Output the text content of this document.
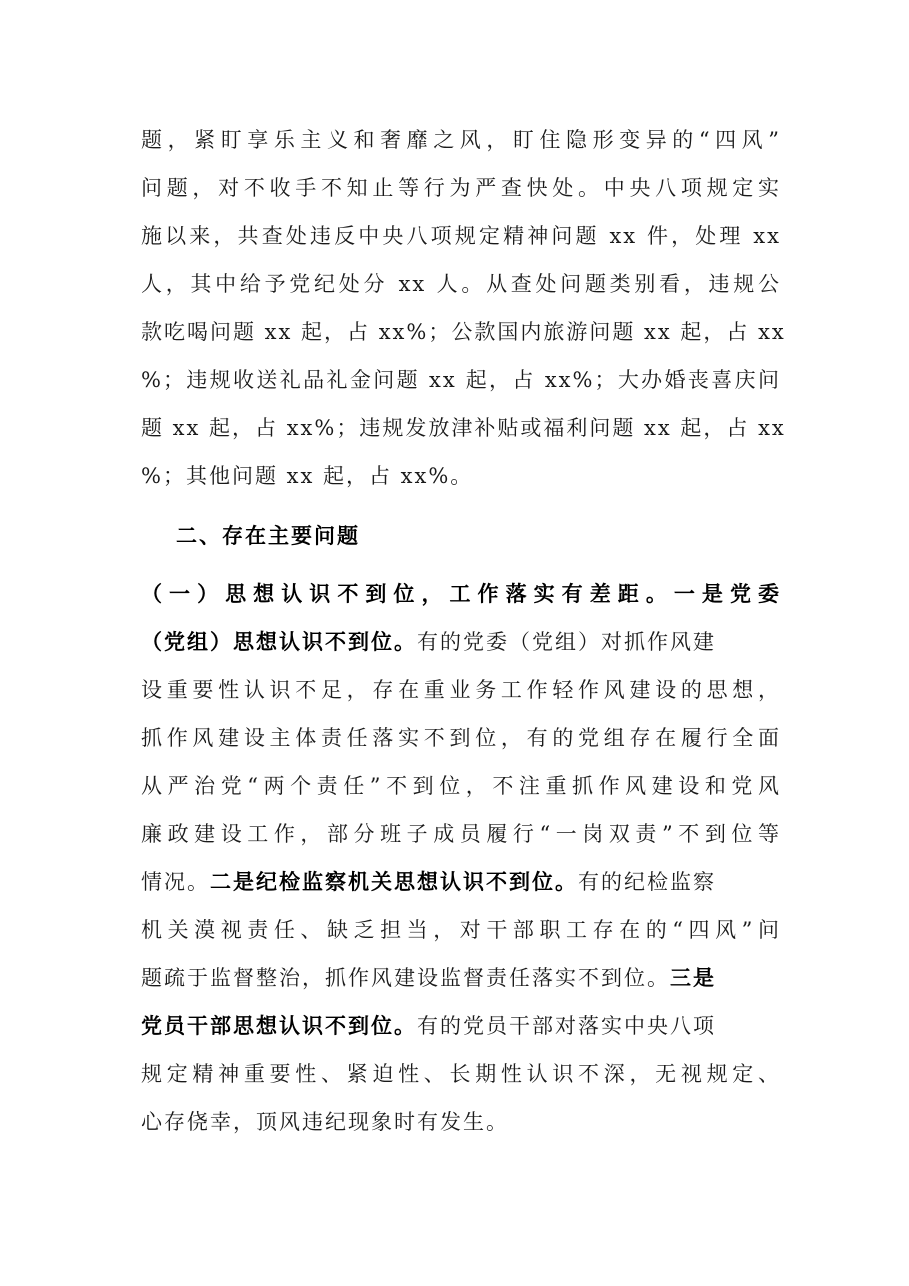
题，紧盯享乐主义和奢靡之风，盯住隐形变异的“四风”
问题，对不收手不知止等行为严查快处。中央八项规定实
施以来，共查处违反中央八项规定精神问题 xx 件，处理 xx
人，其中给予党纪处分 xx 人。从查处问题类别看，违规公
款吃喝问题 xx 起，占 xx%；公款国内旅游问题 xx 起，占 xx
%；违规收送礼品礼金问题 xx 起，占 xx%；大办婚丧喜庆问
题 xx 起，占 xx%；违规发放津补贴或福利问题 xx 起，占 xx
%；其他问题 xx 起，占 xx%。
二、存在主要问题
（一）思想认识不到位，工作落实有差距。一是党委
（党组）思想认识不到位。有的党委（党组）对抓作风建
设重要性认识不足，存在重业务工作轻作风建设的思想，
抓作风建设主体责任落实不到位，有的党组存在履行全面
从严治党“两个责任”不到位，不注重抓作风建设和党风
廉政建设工作，部分班子成员履行“一岗双责”不到位等
情况。二是纪检监察机关思想认识不到位。有的纪检监察
机关漠视责任、缺乏担当，对干部职工存在的“四风”问
题疏于监督整治，抓作风建设监督责任落实不到位。三是
党员干部思想认识不到位。有的党员干部对落实中央八项
规定精神重要性、紧迫性、长期性认识不深，无视规定、
心存侥幸，顶风违纪现象时有发生。
